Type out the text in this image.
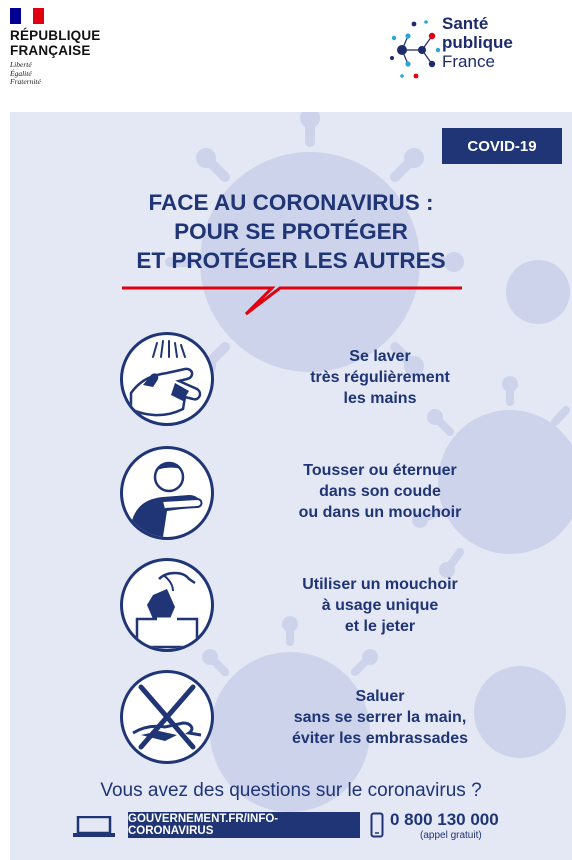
RÉPUBLIQUE
FRANÇAISE
Liberté
Égalité
Fraternité
Santé
publique
France
COVID-19
FACE AU CORONAVIRUS :
POUR SE PROTÉGER
ET PROTÉGER LES AUTRES
Se laver
très régulièrement
les mains
Tousser ou éternuer
dans son coude
ou dans un mouchoir
Utiliser un mouchoir
à usage unique
et le jeter
Saluer
sans se serrer la main,
éviter les embrassades
Vous avez des questions sur le coronavirus ?
GOUVERNEMENT.FR/INFO-CORONAVIRUS
0 800 130 000
(appel gratuit)
